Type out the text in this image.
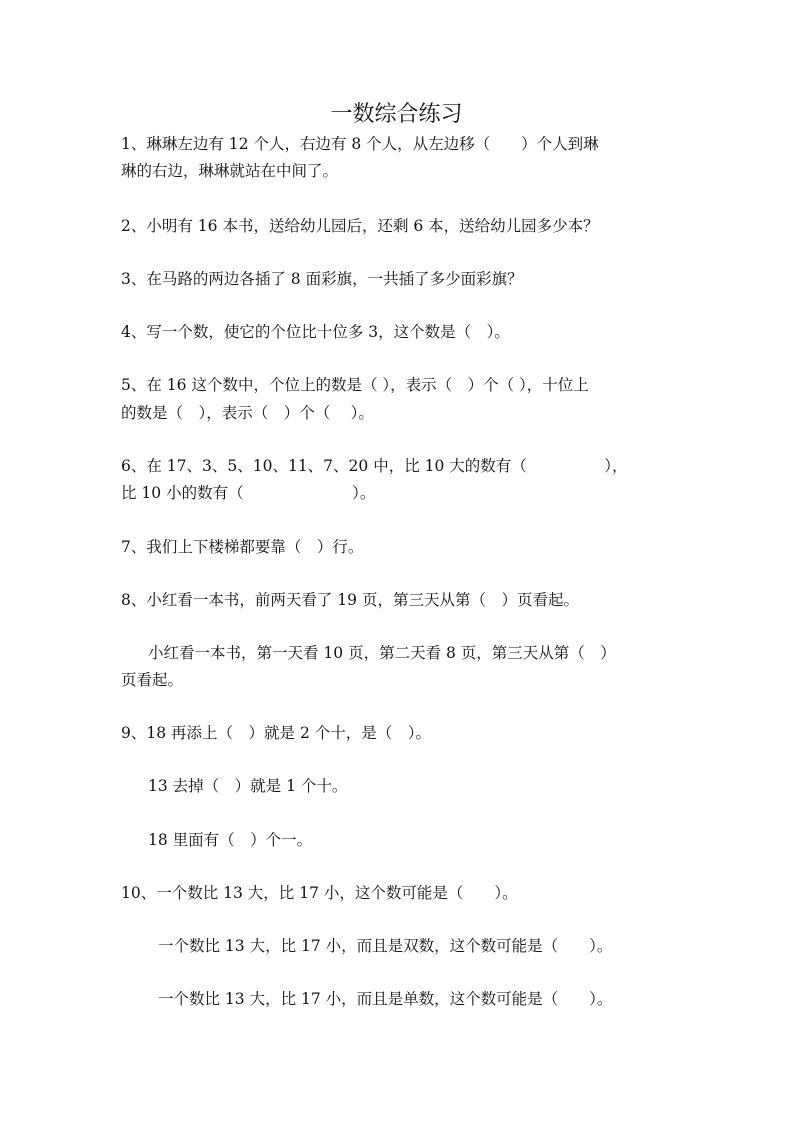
一数综合练习
1、琳琳左边有 12 个人，右边有 8 个人，从左边移（　　）个人到琳
琳的右边，琳琳就站在中间了。
2、小明有 16 本书，送给幼儿园后，还剩 6 本，送给幼儿园多少本？
3、在马路的两边各插了 8 面彩旗，一共插了多少面彩旗？
4、写一个数，使它的个位比十位多 3，这个数是（　）。
5、在 16 这个数中，个位上的数是（ ），表示（　）个（ ），十位上
的数是（　），表示（　）个（　 ）。
6、在 17、3、5、10、11、7、20 中，比 10 大的数有（　　　　　），
比 10 小的数有（　　　　　　　）。
7、我们上下楼梯都要靠（　）行。
8、小红看一本书，前两天看了 19 页，第三天从第（　）页看起。
小红看一本书，第一天看 10 页，第二天看 8 页，第三天从第（　）
页看起。
9、18 再添上（　）就是 2 个十，是（　）。
13 去掉（　）就是 1 个十。
18 里面有（　）个一。
10、一个数比 13 大，比 17 小，这个数可能是（　　）。
一个数比 13 大，比 17 小，而且是双数，这个数可能是（　　）。
一个数比 13 大，比 17 小，而且是单数，这个数可能是（　　）。
